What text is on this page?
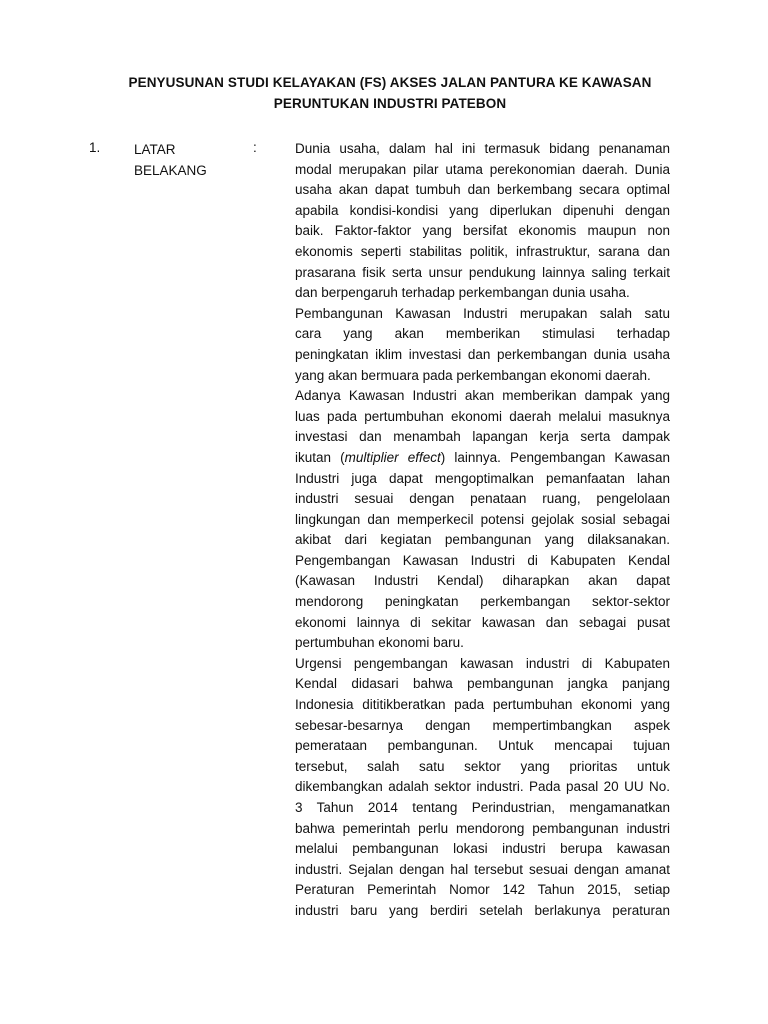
PENYUSUNAN STUDI KELAYAKAN (FS) AKSES JALAN PANTURA KE KAWASAN
PERUNTUKAN INDUSTRI PATEBON
1. LATAR
BELAKANG
:	Dunia usaha, dalam hal ini termasuk bidang penanaman
modal merupakan pilar utama perekonomian daerah. Dunia
usaha akan dapat tumbuh dan berkembang secara optimal
apabila kondisi-kondisi yang diperlukan dipenuhi dengan
baik. Faktor-faktor yang bersifat ekonomis maupun non
ekonomis seperti stabilitas politik, infrastruktur, sarana dan
prasarana fisik serta unsur pendukung lainnya saling terkait
dan berpengaruh terhadap perkembangan dunia usaha.
Pembangunan Kawasan Industri merupakan salah satu
cara yang akan memberikan stimulasi terhadap
peningkatan iklim investasi dan perkembangan dunia usaha
yang akan bermuara pada perkembangan ekonomi daerah.
Adanya Kawasan Industri akan memberikan dampak yang
luas pada pertumbuhan ekonomi daerah melalui masuknya
investasi dan menambah lapangan kerja serta dampak
ikutan (multiplier effect) lainnya. Pengembangan Kawasan
Industri juga dapat mengoptimalkan pemanfaatan lahan
industri sesuai dengan penataan ruang, pengelolaan
lingkungan dan memperkecil potensi gejolak sosial sebagai
akibat dari kegiatan pembangunan yang dilaksanakan.
Pengembangan Kawasan Industri di Kabupaten Kendal
(Kawasan Industri Kendal) diharapkan akan dapat
mendorong peningkatan perkembangan sektor-sektor
ekonomi lainnya di sekitar kawasan dan sebagai pusat
pertumbuhan ekonomi baru.
Urgensi pengembangan kawasan industri di Kabupaten
Kendal didasari bahwa pembangunan jangka panjang
Indonesia dititikberatkan pada pertumbuhan ekonomi yang
sebesar-besarnya dengan mempertimbangkan aspek
pemerataan pembangunan. Untuk mencapai tujuan
tersebut, salah satu sektor yang prioritas untuk
dikembangkan adalah sektor industri. Pada pasal 20 UU No.
3 Tahun 2014 tentang Perindustrian, mengamanatkan
bahwa pemerintah perlu mendorong pembangunan industri
melalui pembangunan lokasi industri berupa kawasan
industri. Sejalan dengan hal tersebut sesuai dengan amanat
Peraturan Pemerintah Nomor 142 Tahun 2015, setiap
industri baru yang berdiri setelah berlakunya peraturan
